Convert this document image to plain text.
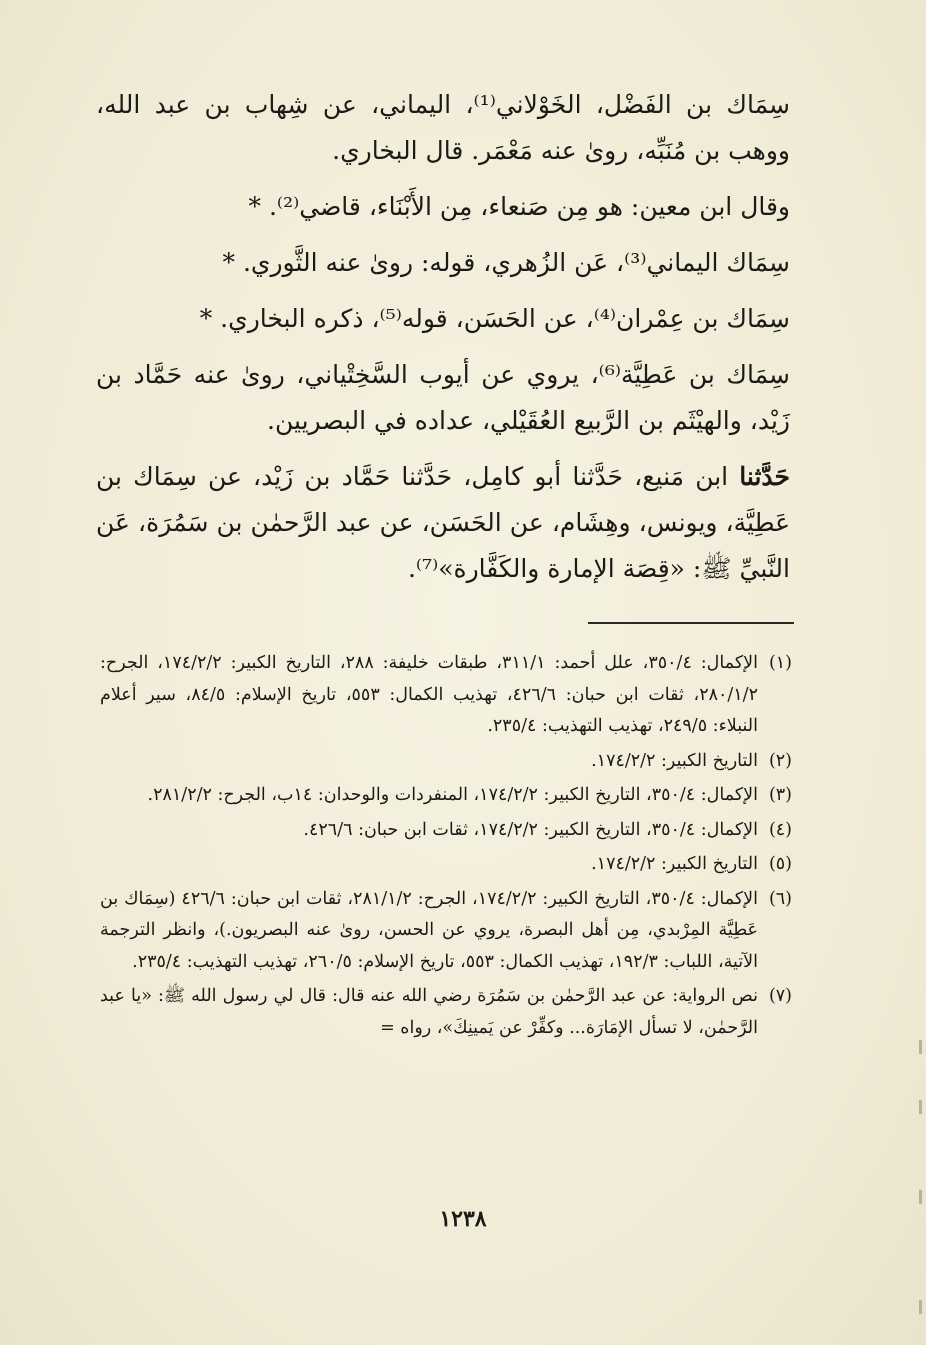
سِمَاك بن الفَضْل، الخَوْلاني⁽¹⁾، اليماني، عن شِهاب بن عبد الله، ووهب بن مُنَبِّه، روىٰ عنه مَعْمَر. قال البخاري.

وقال ابن معين: هو مِن صَنعاء، مِن الأَبْنَاء، قاضي⁽²⁾. *

سِمَاك اليماني⁽³⁾، عَن الزُهري، قوله: روىٰ عنه الثَّوري. *

سِمَاك بن عِمْران⁽⁴⁾، عن الحَسَن، قوله⁽⁵⁾، ذكره البخاري. *

سِمَاك بن عَطِيَّة⁽⁶⁾، يروي عن أيوب السَّخِتْياني، روىٰ عنه حَمَّاد بن زَيْد، والهيْثَم بن الرَّبيع العُقَيْلي، عداده في البصريين.

حَدَّثنا ابن مَنيع، حَدَّثنا أبو كامِل، حَدَّثنا حَمَّاد بن زَيْد، عن سِمَاك بن عَطِيَّة، ويونس، وهِشَام، عن الحَسَن، عن عبد الرَّحمٰن بن سَمُرَة، عَن النَّبيِّ ﷺ: «قِصَة الإمارة والكَفَّارة»⁽⁷⁾.

(١)
الإكمال: ٣٥٠/٤، علل أحمد: ٣١١/١، طبقات خليفة: ٢٨٨، التاريخ الكبير: ١٧٤/٢/٢، الجرح: ٢٨٠/١/٢، ثقات ابن حبان: ٤٢٦/٦، تهذيب الكمال: ٥٥٣، تاريخ الإسلام: ٨٤/٥، سير أعلام النبلاء: ٢٤٩/٥، تهذيب التهذيب: ٢٣٥/٤.
(٢)
التاريخ الكبير: ١٧٤/٢/٢.
(٣)
الإكمال: ٣٥٠/٤، التاريخ الكبير: ١٧٤/٢/٢، المنفردات والوحدان: ١٤ب، الجرح: ٢٨١/٢/٢.
(٤)
الإكمال: ٣٥٠/٤، التاريخ الكبير: ١٧٤/٢/٢، ثقات ابن حبان: ٤٢٦/٦.
(٥)
التاريخ الكبير: ١٧٤/٢/٢.
(٦)
الإكمال: ٣٥٠/٤، التاريخ الكبير: ١٧٤/٢/٢، الجرح: ٢٨١/١/٢، ثقات ابن حبان: ٤٢٦/٦ (سِمَاك بن عَطِيَّة المِرْبدي، مِن أهل البصرة، يروي عن الحسن، روىٰ عنه البصريون.)، وانظر الترجمة الآتية، اللباب: ١٩٢/٣، تهذيب الكمال: ٥٥٣، تاريخ الإسلام: ٢٦٠/٥، تهذيب التهذيب: ٢٣٥/٤.
(٧)
نص الرواية: عن عبد الرَّحمٰن بن سَمُرَة رضي الله عنه قال: قال لي رسول الله ﷺ: «يا عبد الرَّحمٰن، لا تسأل الإمَارَة... وكفِّرْ عن يَمينِكَ»، رواه =
١٢٣٨
